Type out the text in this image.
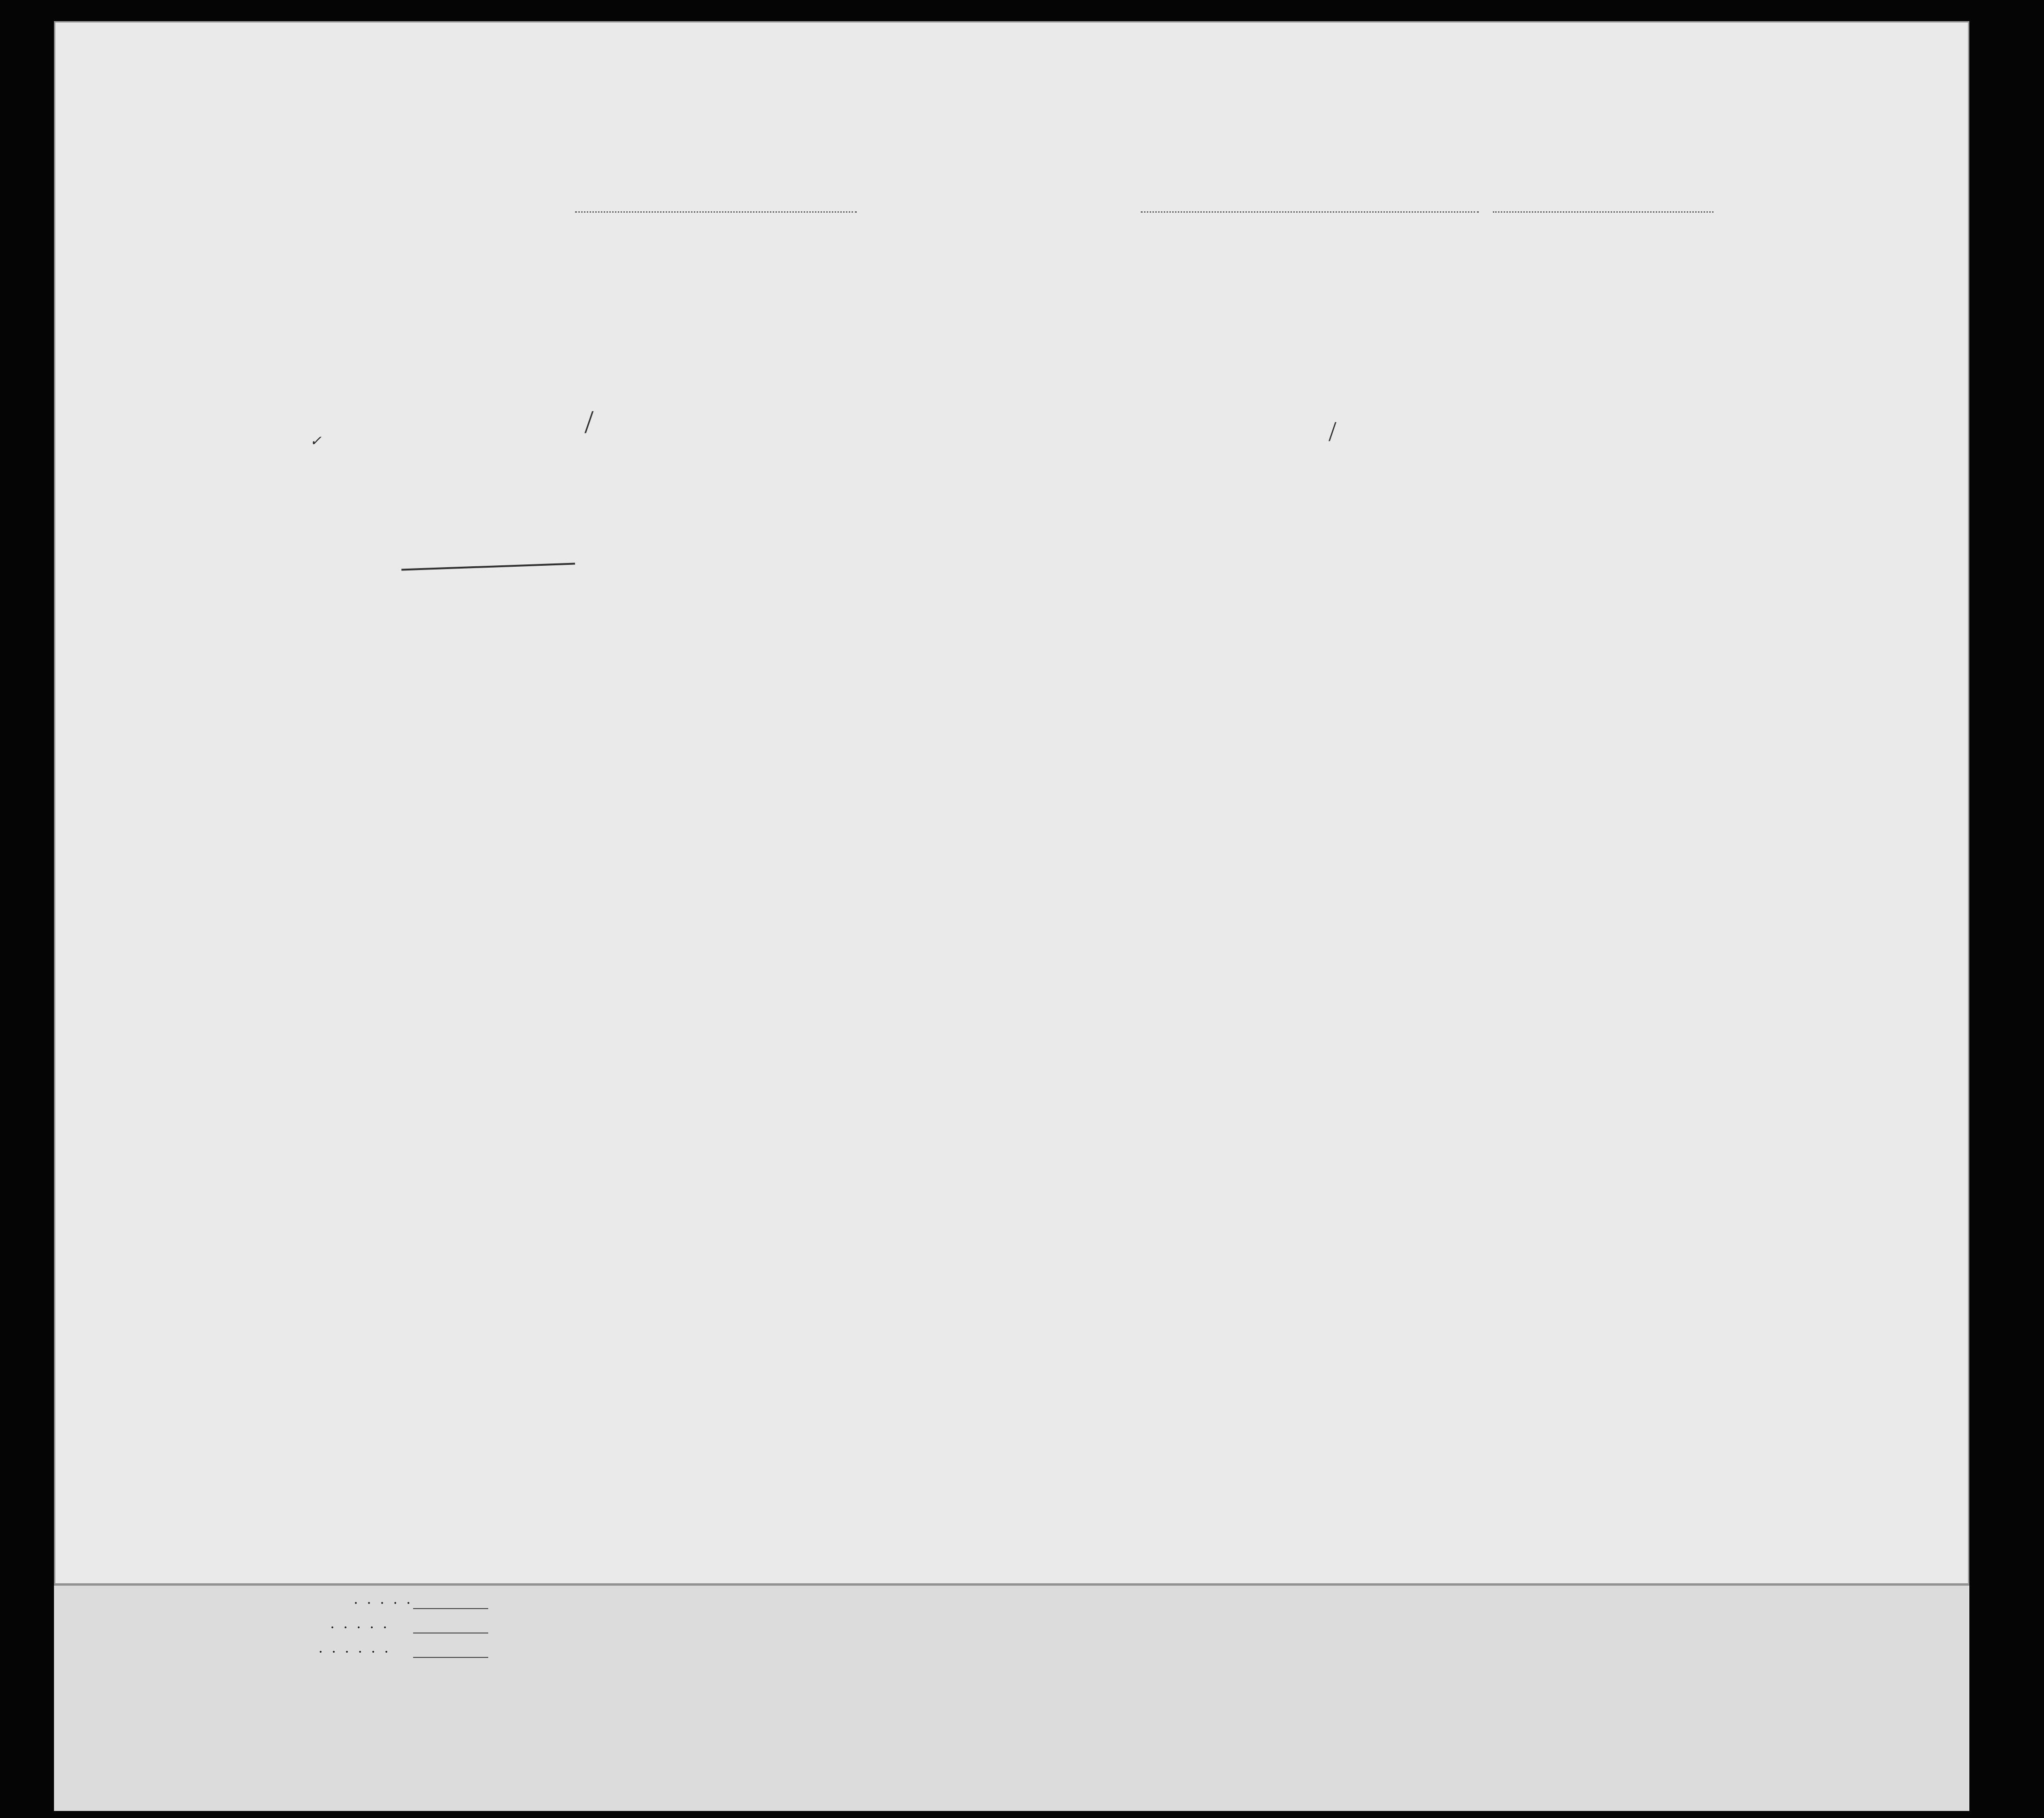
/
/
✓
. . . . .
. . . . .
. . . . . .
